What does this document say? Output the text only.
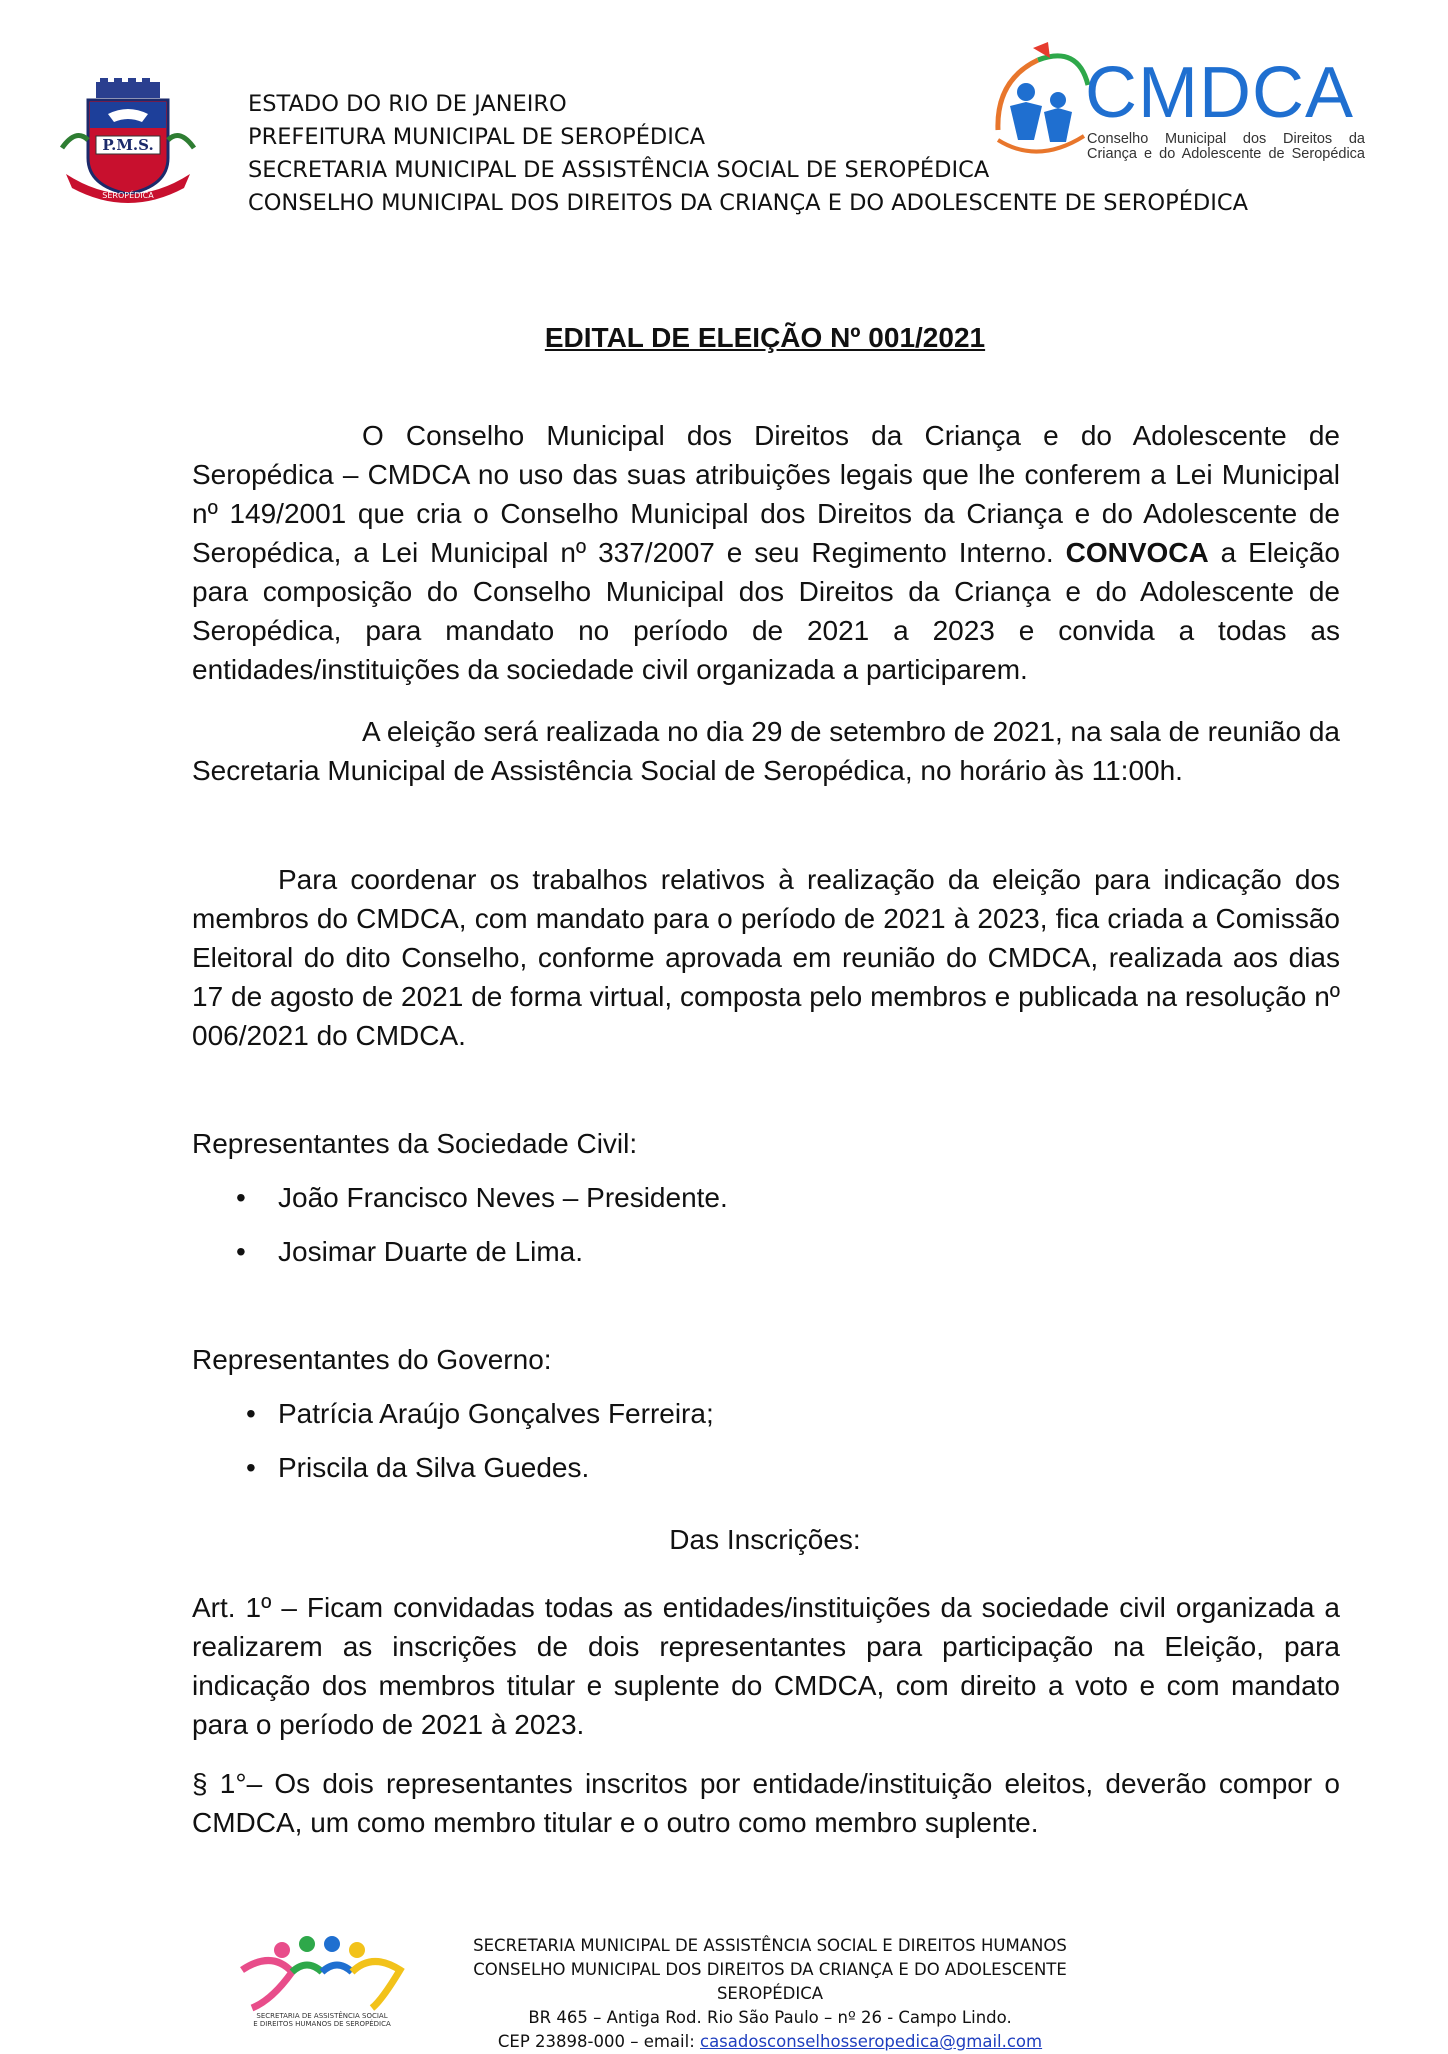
P.M.S.
SEROPÉDICA
ESTADO DO RIO DE JANEIRO
PREFEITURA MUNICIPAL DE SEROPÉDICA
SECRETARIA MUNICIPAL DE ASSISTÊNCIA SOCIAL DE SEROPÉDICA
CONSELHO MUNICIPAL DOS DIREITOS DA CRIANÇA E DO ADOLESCENTE DE SEROPÉDICA
CMDCA
Conselho Municipal dos Direitos da
Criança e do Adolescente de Seropédica
EDITAL DE ELEIÇÃO Nº 001/2021
O Conselho Municipal dos Direitos da Criança e do Adolescente de Seropédica – CMDCA no uso das suas atribuições legais que lhe conferem a Lei Municipal nº 149/2001 que cria o Conselho Municipal dos Direitos da Criança e do Adolescente de Seropédica, a Lei Municipal nº 337/2007 e seu Regimento Interno. CONVOCA a Eleição para composição do Conselho Municipal dos Direitos da Criança e do Adolescente de Seropédica, para mandato no período de 2021 a 2023 e convida a todas as entidades/instituições da sociedade civil organizada a participarem.
A eleição será realizada no dia 29 de setembro de 2021, na sala de reunião da Secretaria Municipal de Assistência Social de Seropédica, no horário às 11:00h.
Para coordenar os trabalhos relativos à realização da eleição para indicação dos membros do CMDCA, com mandato para o período de 2021 à 2023, fica criada a Comissão Eleitoral do dito Conselho, conforme aprovada em reunião do CMDCA, realizada aos dias 17 de agosto de 2021 de forma virtual, composta pelo membros e publicada na resolução nº 006/2021 do CMDCA.
Representantes da Sociedade Civil:
• João Francisco Neves – Presidente.
• Josimar Duarte de Lima.
Representantes do Governo:
• Patrícia Araújo Gonçalves Ferreira;
• Priscila da Silva Guedes.
Das Inscrições:
Art. 1º – Ficam convidadas todas as entidades/instituições da sociedade civil organizada a realizarem as inscrições de dois representantes para participação na Eleição, para indicação dos membros titular e suplente do CMDCA, com direito a voto e com mandato para o período de 2021 à 2023.
§ 1°– Os dois representantes inscritos por entidade/instituição eleitos, deverão compor o CMDCA, um como membro titular e o outro como membro suplente.
SECRETARIA DE ASSISTÊNCIA SOCIAL
E DIREITOS HUMANOS DE SEROPÉDICA
SECRETARIA MUNICIPAL DE ASSISTÊNCIA SOCIAL E DIREITOS HUMANOS
CONSELHO MUNICIPAL DOS DIREITOS DA CRIANÇA E DO ADOLESCENTE SEROPÉDICA
BR 465 – Antiga Rod. Rio São Paulo – nº 26 - Campo Lindo.
CEP 23898-000 – email: casadosconselhosseropedica@gmail.com
